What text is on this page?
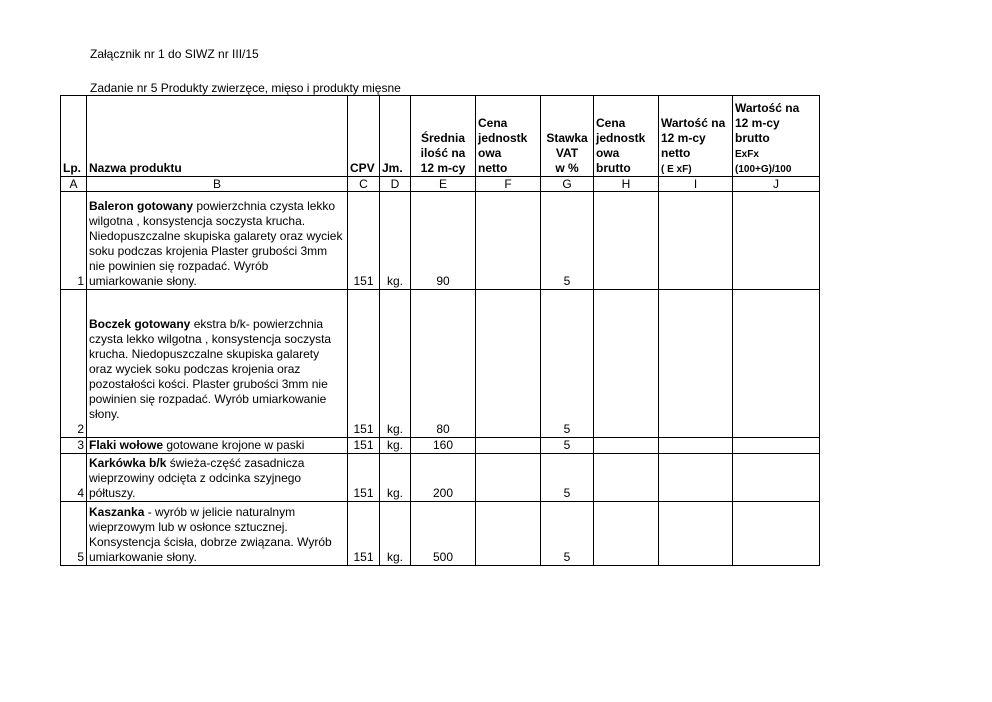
Załącznik nr 1 do SIWZ nr III/15
Zadanie nr 5 Produkty zwierzęce, mięso i produkty mięsne
Lp.	Nazwa produktu	CPV	Jm.	Średnia
ilość na
12 m-cy	Cena
jednostk
owa
netto	Stawka
VAT
w %	Cena
jednostk
owa
brutto	Wartość na
12 m-cy
netto
( E xF)	Wartość na
12 m-cy
brutto
ExFx
(100+G)/100
A	B	C	D	E	F	G	H	I	J
1	Baleron gotowany powierzchnia czysta lekko wilgotna , konsystencja soczysta krucha. Niedopuszczalne skupiska galarety oraz wyciek soku podczas krojenia Plaster grubości 3mm nie powinien się rozpadać. Wyrób umiarkowanie słony.	151	kg.	90		5			
2	Boczek gotowany ekstra b/k- powierzchnia czysta lekko wilgotna , konsystencja soczysta krucha. Niedopuszczalne skupiska galarety oraz wyciek soku podczas krojenia oraz pozostałości kości. Plaster grubości 3mm nie powinien się rozpadać. Wyrób umiarkowanie słony.	151	kg.	80		5			
3	Flaki wołowe gotowane krojone w paski	151	kg.	160		5			
4	Karkówka b/k świeża-część zasadnicza wieprzowiny odcięta z odcinka szyjnego półtuszy.	151	kg.	200		5			
5	Kaszanka - wyrób w jelicie naturalnym wieprzowym lub w osłonce sztucznej. Konsystencja ścisła, dobrze związana. Wyrób umiarkowanie słony.	151	kg.	500		5			
